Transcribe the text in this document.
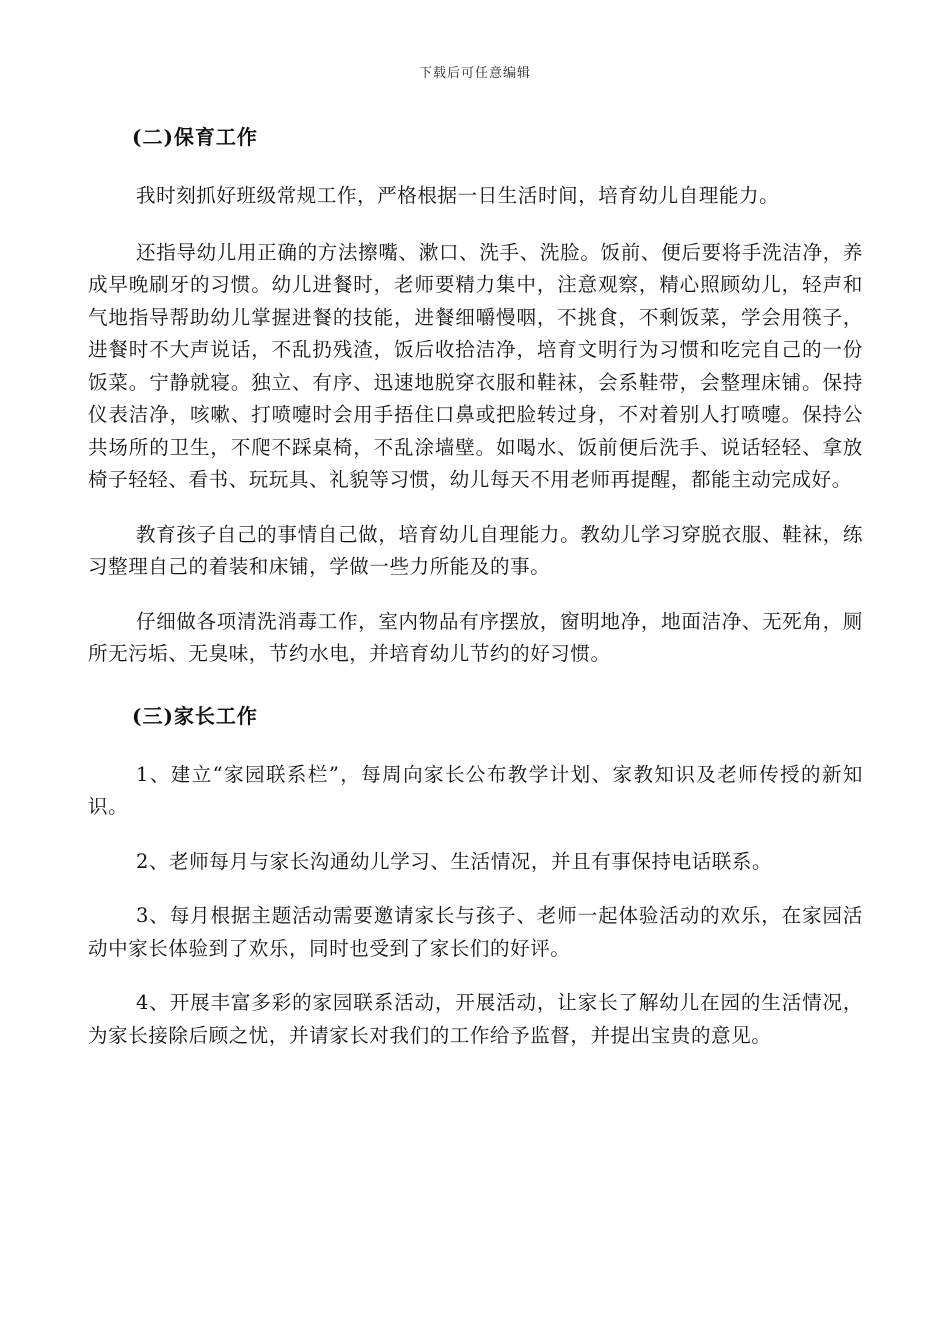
下载后可任意编辑
(二)保育工作

我时刻抓好班级常规工作，严格根据一日生活时间，培育幼儿自理能力。

还指导幼儿用正确的方法擦嘴、漱口、洗手、洗脸。饭前、便后要将手洗洁净，养成早晚刷牙的习惯。幼儿进餐时，老师要精力集中，注意观察，精心照顾幼儿，轻声和气地指导帮助幼儿掌握进餐的技能，进餐细嚼慢咽，不挑食，不剩饭菜，学会用筷子，进餐时不大声说话，不乱扔残渣，饭后收拾洁净，培育文明行为习惯和吃完自己的一份饭菜。宁静就寝。独立、有序、迅速地脱穿衣服和鞋袜，会系鞋带，会整理床铺。保持仪表洁净，咳嗽、打喷嚏时会用手捂住口鼻或把脸转过身，不对着别人打喷嚏。保持公共场所的卫生，不爬不踩桌椅，不乱涂墙壁。如喝水、饭前便后洗手、说话轻轻、拿放椅子轻轻、看书、玩玩具、礼貌等习惯，幼儿每天不用老师再提醒，都能主动完成好。

教育孩子自己的事情自己做，培育幼儿自理能力。教幼儿学习穿脱衣服、鞋袜，练习整理自己的着装和床铺，学做一些力所能及的事。

仔细做各项清洗消毒工作，室内物品有序摆放，窗明地净，地面洁净、无死角，厕所无污垢、无臭味，节约水电，并培育幼儿节约的好习惯。

(三)家长工作

1、建立“家园联系栏”，每周向家长公布教学计划、家教知识及老师传授的新知识。

2、老师每月与家长沟通幼儿学习、生活情况，并且有事保持电话联系。

3、每月根据主题活动需要邀请家长与孩子、老师一起体验活动的欢乐，在家园活动中家长体验到了欢乐，同时也受到了家长们的好评。

4、开展丰富多彩的家园联系活动，开展活动，让家长了解幼儿在园的生活情况，为家长接除后顾之忧，并请家长对我们的工作给予监督，并提出宝贵的意见。
